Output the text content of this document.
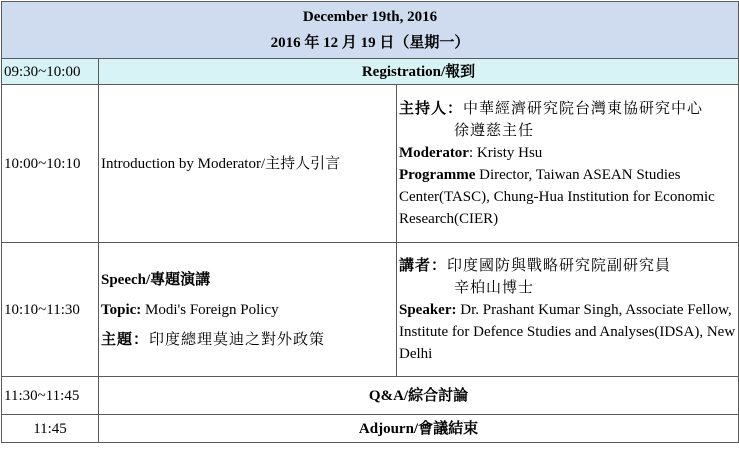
December 19th, 2016
2016 年 12 月 19 日（星期一）		

09:30~10:00	Registration/報到	
10:00~10:10	Introduction by Moderator/主持人引言	主持人：中華經濟研究院台灣東協研究中心
徐遵慈主任
Moderator: Kristy Hsu
Programme Director, Taiwan ASEAN Studies Center(TASC), Chung-Hua Institution for Economic Research(CIER)

10:10~11:30	Speech/專題演講
Topic: Modi's Foreign Policy
主題：印度總理莫迪之對外政策	講者：印度國防與戰略研究院副研究員
辛柏山博士
Speaker: Dr. Prashant Kumar Singh, Associate Fellow, Institute for Defence Studies and Analyses(IDSA), New Delhi

11:30~11:45	Q&A/綜合討論	
11:45	Adjourn/會議結束	
